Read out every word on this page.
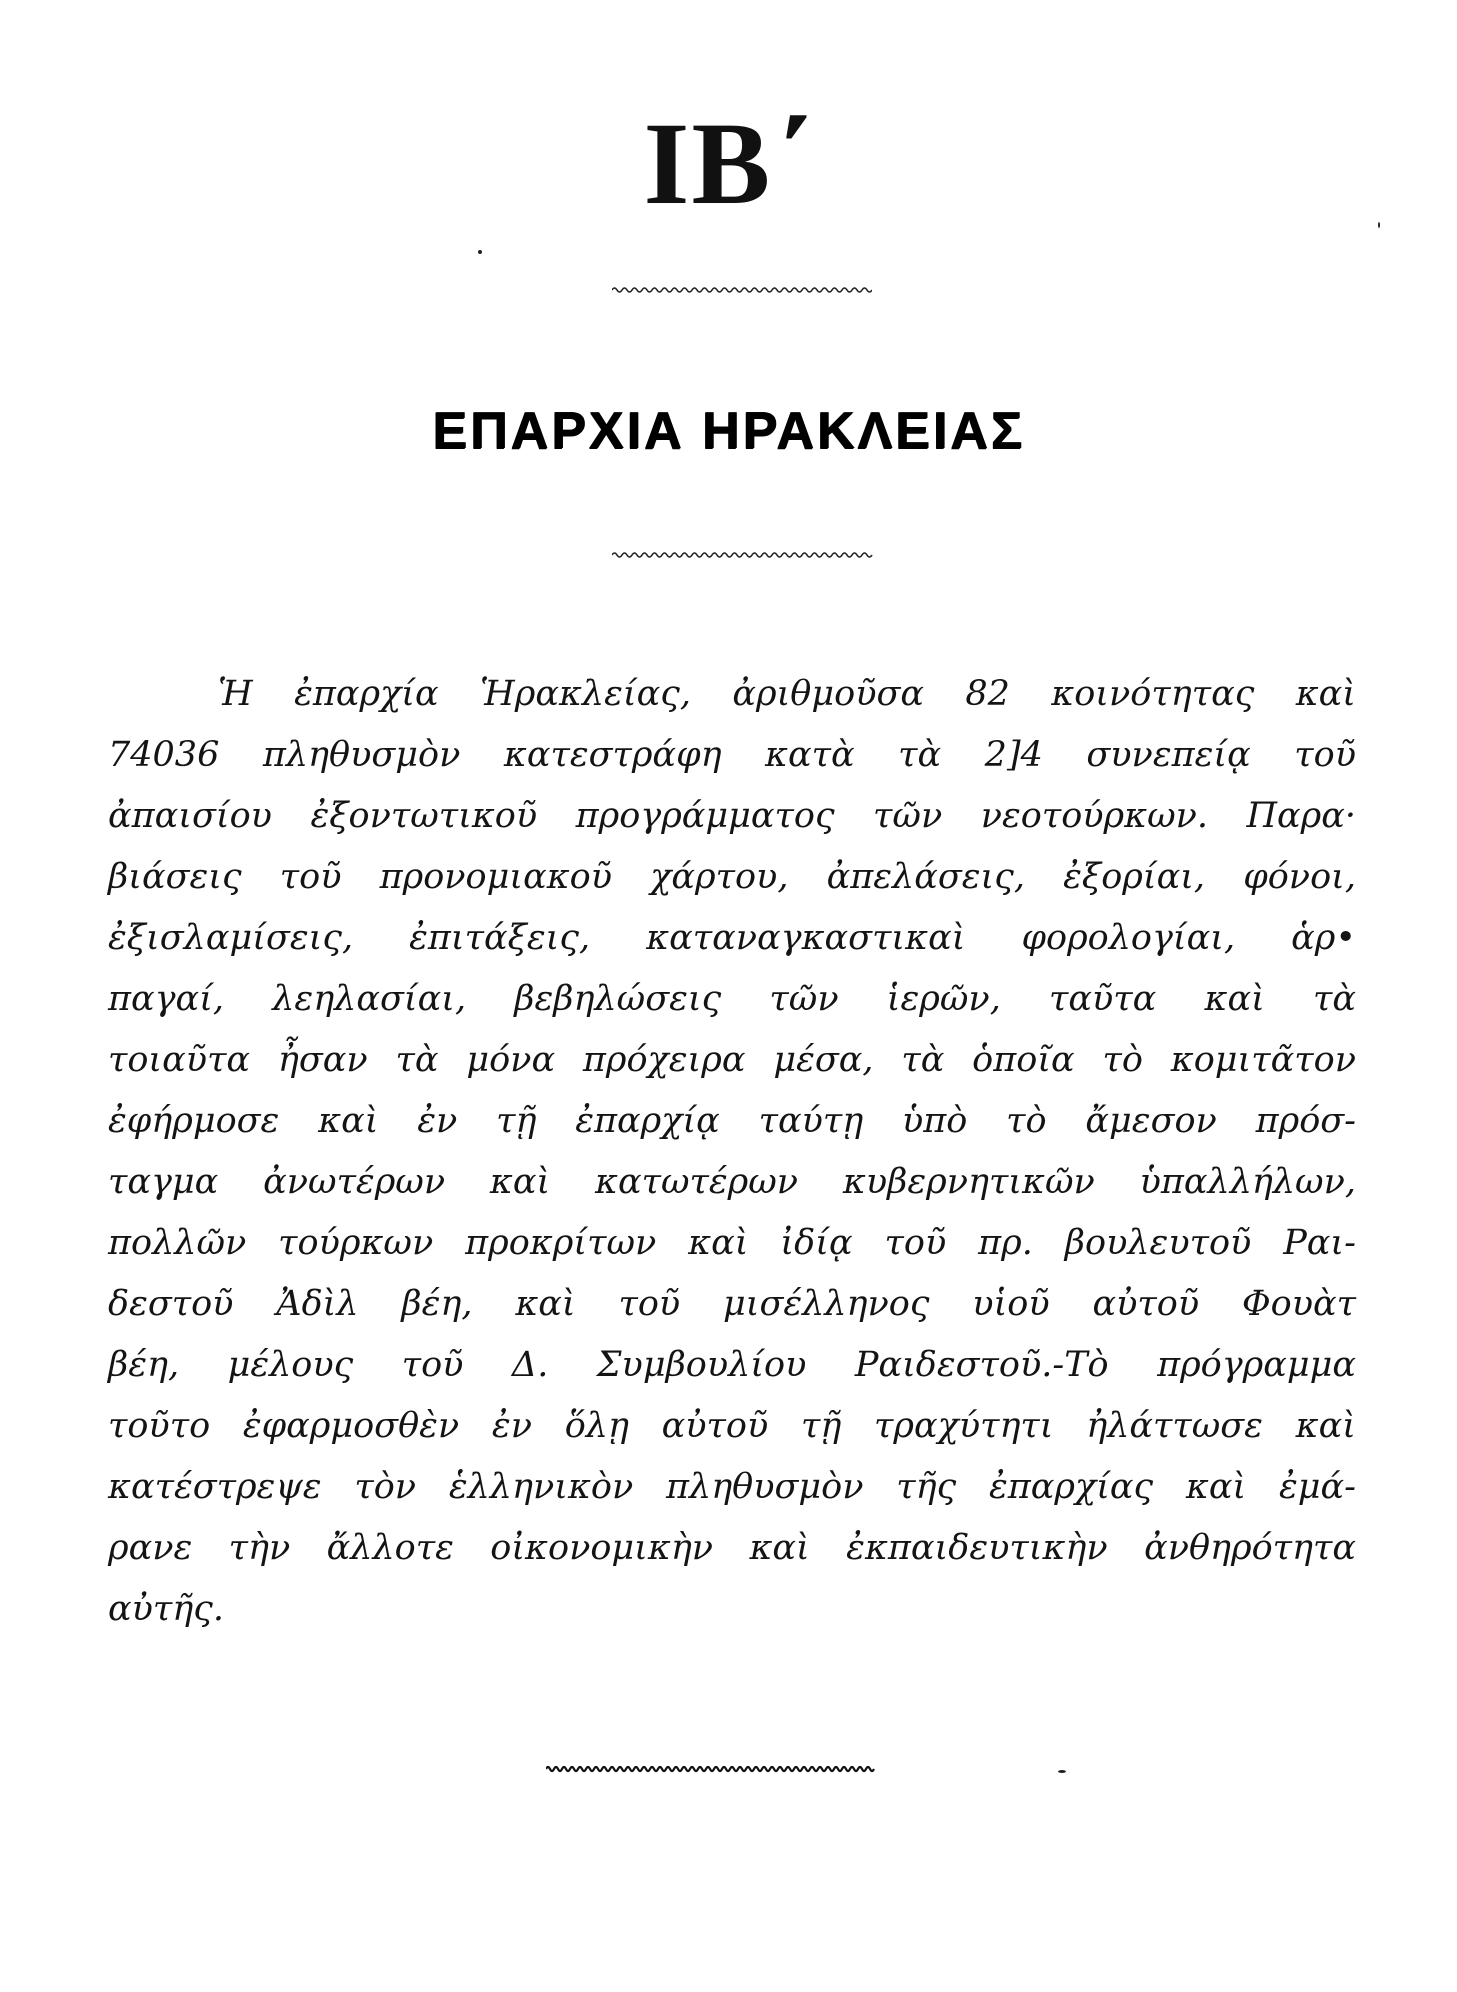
ΙΒ΄
ΕΠΑΡΧΙΑ ΗΡΑΚΛΕΙΑΣ
Ἡ ἐπαρχία Ἡρακλείας, ἀριθμοῦσα 82 κοινότητας καὶ
74036 πληθυσμὸν κατεστράφη κατὰ τὰ 2]4 συνεπείᾳ τοῦ
ἀπαισίου ἐξοντωτικοῦ προγράμματος τῶν νεοτούρκων. Παρα·
βιάσεις τοῦ προνομιακοῦ χάρτου, ἀπελάσεις, ἐξορίαι, φόνοι,
ἐξισλαμίσεις, ἐπιτάξεις, καταναγκαστικαὶ φορολογίαι, ἁρ•
παγαί, λεηλασίαι, βεβηλώσεις τῶν ἱερῶν, ταῦτα καὶ τὰ
τοιαῦτα ἦσαν τὰ μόνα πρόχειρα μέσα, τὰ ὁποῖα τὸ κομιτᾶτον
ἐφήρμοσε καὶ ἐν τῇ ἐπαρχίᾳ ταύτῃ ὑπὸ τὸ ἄμεσον πρόσ-
ταγμα ἀνωτέρων καὶ κατωτέρων κυβερνητικῶν ὑπαλλήλων,
πολλῶν τούρκων προκρίτων καὶ ἰδίᾳ τοῦ πρ. βουλευτοῦ Ραι-
δεστοῦ Ἀδὶλ βέη, καὶ τοῦ μισέλληνος υἱοῦ αὐτοῦ Φουὰτ
βέη, μέλους τοῦ Δ. Συμβουλίου Ραιδεστοῦ.-Τὸ πρόγραμμα
τοῦτο ἐφαρμοσθὲν ἐν ὅλῃ αὐτοῦ τῇ τραχύτητι ἠλάττωσε καὶ
κατέστρεψε τὸν ἑλληνικὸν πληθυσμὸν τῆς ἐπαρχίας καὶ ἐμά-
ρανε τὴν ἄλλοτε οἰκονομικὴν καὶ ἐκπαιδευτικὴν ἀνθηρότητα
αὐτῆς.
